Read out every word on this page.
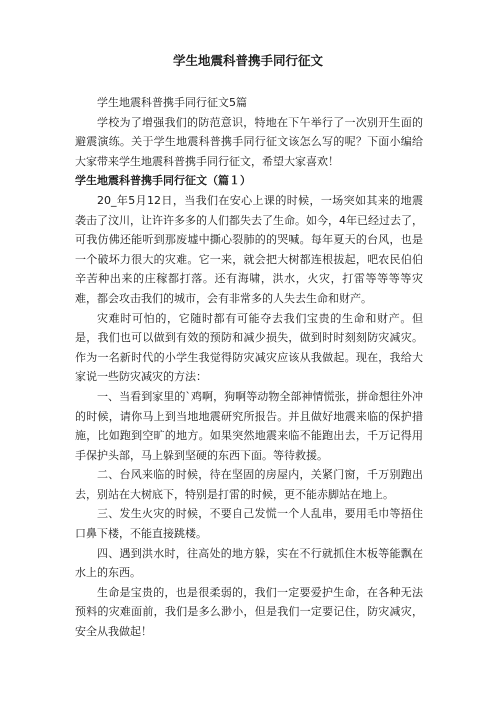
学生地震科普携手同行征文

学生地震科普携手同行征文5篇

学校为了增强我们的防范意识，特地在下午举行了一次别开生面的避震演练。关于学生地震科普携手同行征文该怎么写的呢？下面小编给大家带来学生地震科普携手同行征文，希望大家喜欢！

学生地震科普携手同行征文（篇１）

20_年5月12日，当我们在安心上课的时候，一场突如其来的地震袭击了汶川，让许许多多的人们都失去了生命。如今，4年已经过去了，可我仿佛还能听到那废墟中撕心裂肺的的哭喊。每年夏天的台风，也是一个破坏力很大的灾难。它一来，就会把大树都连根拔起，吧农民伯伯辛苦种出来的庄稼都打落。还有海啸，洪水，火灾，打雷等等等等灾难，都会攻击我们的城市，会有非常多的人失去生命和财产。

灾难时可怕的，它随时都有可能夺去我们宝贵的生命和财产。但是，我们也可以做到有效的预防和减少损失，做到时时刻刻防灾减灾。作为一名新时代的小学生我觉得防灾减灾应该从我做起。现在，我给大家说一些防灾减灾的方法：

一、当看到家里的`鸡啊，狗啊等动物全部神情慌张，拼命想往外冲的时候，请你马上到当地地震研究所报告。并且做好地震来临的保护措施，比如跑到空旷的地方。如果突然地震来临不能跑出去，千万记得用手保护头部，马上躲到坚硬的东西下面。等待救援。

二、台风来临的时候，待在坚固的房屋内，关紧门窗，千万别跑出去，别站在大树底下，特别是打雷的时候，更不能赤脚站在地上。

三、发生火灾的时候，不要自己发慌一个人乱串，要用毛巾等捂住口鼻下楼，不能直接跳楼。

四、遇到洪水时，往高处的地方躲，实在不行就抓住木板等能飘在水上的东西。

生命是宝贵的，也是很柔弱的，我们一定要爱护生命，在各种无法预料的灾难面前，我们是多么渺小，但是我们一定要记住，防灾减灾，安全从我做起！
